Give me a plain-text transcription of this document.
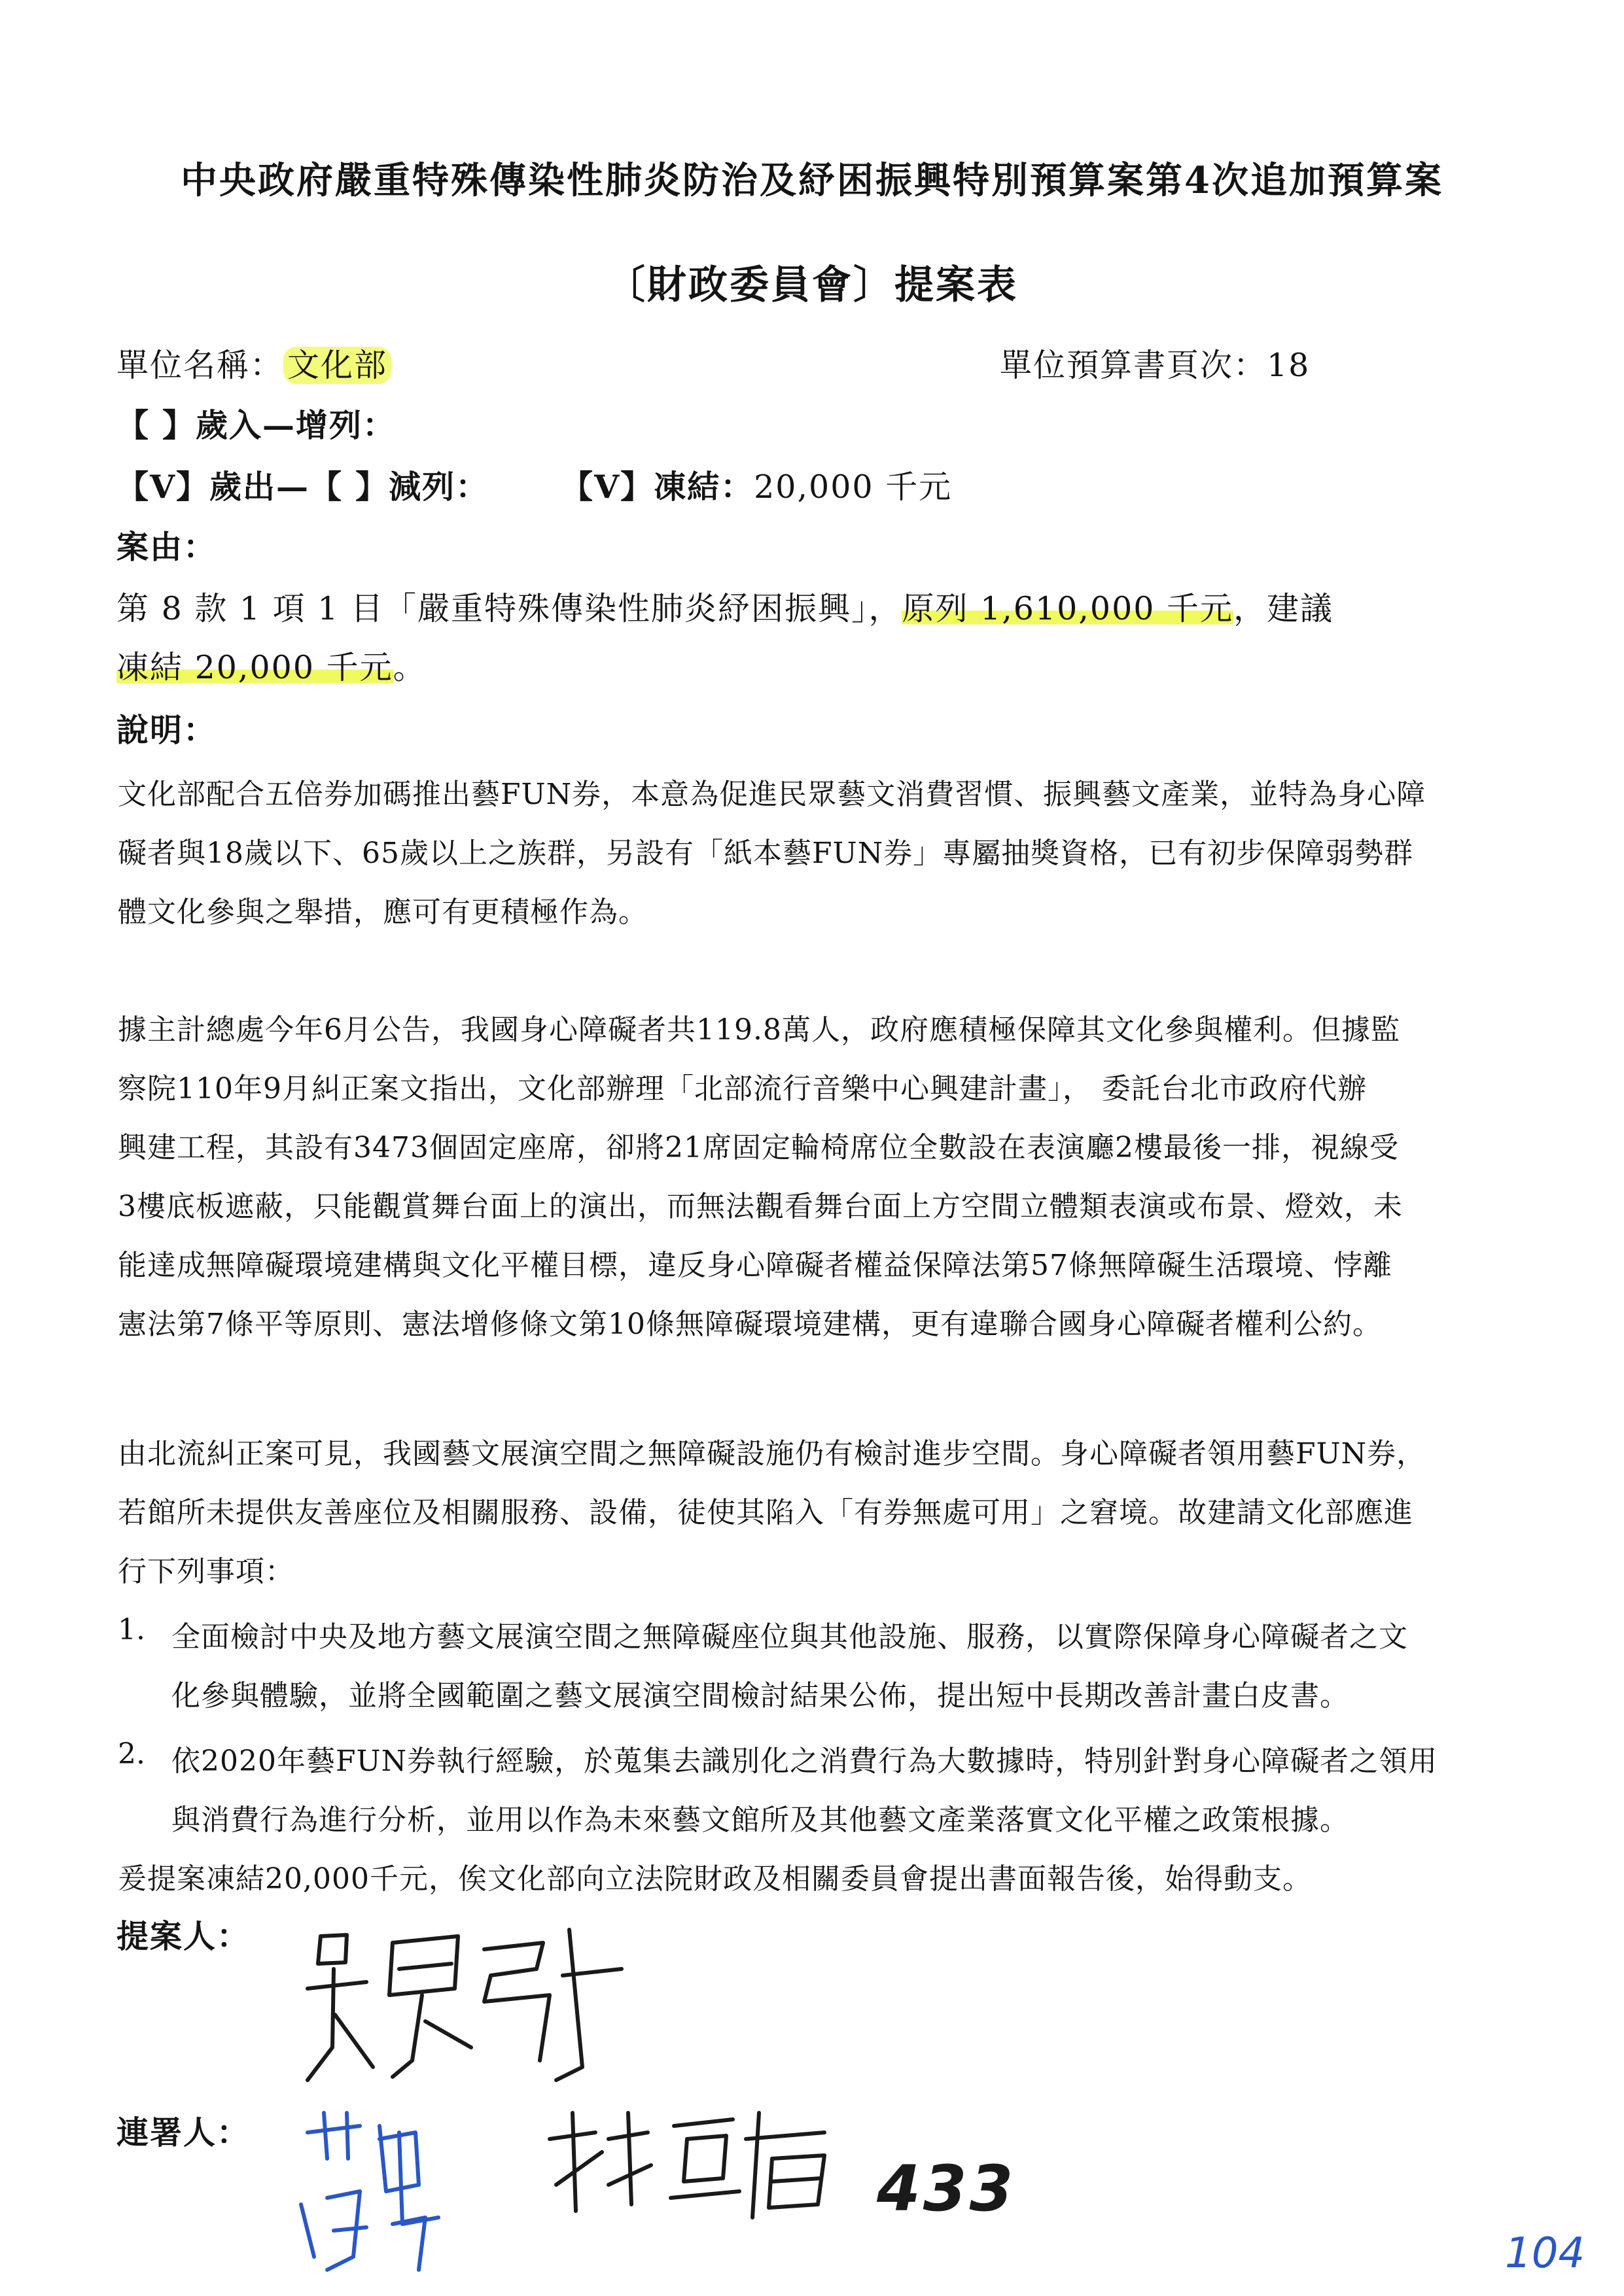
中央政府嚴重特殊傳染性肺炎防治及紓困振興特別預算案第4次追加預算案
〔財政委員會〕提案表
單位名稱： 文化部	單位預算書頁次：18
【 】歲入—增列：
【V】歲出—【 】減列： 【V】凍結：20,000 千元
案由：
第 8 款 1 項 1 目「嚴重特殊傳染性肺炎紓困振興」，原列 1,610,000 千元，建議
凍結 20,000 千元。
說明：
文化部配合五倍券加碼推出藝FUN券，本意為促進民眾藝文消費習慣、振興藝文產業，並特為身心障
礙者與18歲以下、65歲以上之族群，另設有「紙本藝FUN券」專屬抽獎資格，已有初步保障弱勢群
體文化參與之舉措，應可有更積極作為。
據主計總處今年6月公告，我國身心障礙者共119.8萬人，政府應積極保障其文化參與權利。但據監
察院110年9月糾正案文指出，文化部辦理「北部流行音樂中心興建計畫」， 委託台北市政府代辦
興建工程，其設有3473個固定座席，卻將21席固定輪椅席位全數設在表演廳2樓最後一排，視線受
3樓底板遮蔽，只能觀賞舞台面上的演出，而無法觀看舞台面上方空間立體類表演或布景、燈效，未
能達成無障礙環境建構與文化平權目標，違反身心障礙者權益保障法第57條無障礙生活環境、悖離
憲法第7條平等原則、憲法增修條文第10條無障礙環境建構，更有違聯合國身心障礙者權利公約。
由北流糾正案可見，我國藝文展演空間之無障礙設施仍有檢討進步空間。身心障礙者領用藝FUN券，
若館所未提供友善座位及相關服務、設備，徒使其陷入「有券無處可用」之窘境。故建請文化部應進
行下列事項：
1. 全面檢討中央及地方藝文展演空間之無障礙座位與其他設施、服務，以實際保障身心障礙者之文
化參與體驗，並將全國範圍之藝文展演空間檢討結果公佈，提出短中長期改善計畫白皮書。
2. 依2020年藝FUN券執行經驗，於蒐集去識別化之消費行為大數據時，特別針對身心障礙者之領用
與消費行為進行分析，並用以作為未來藝文館所及其他藝文產業落實文化平權之政策根據。
爰提案凍結20,000千元，俟文化部向立法院財政及相關委員會提出書面報告後，始得動支。
提案人：
連署人：
433
104
